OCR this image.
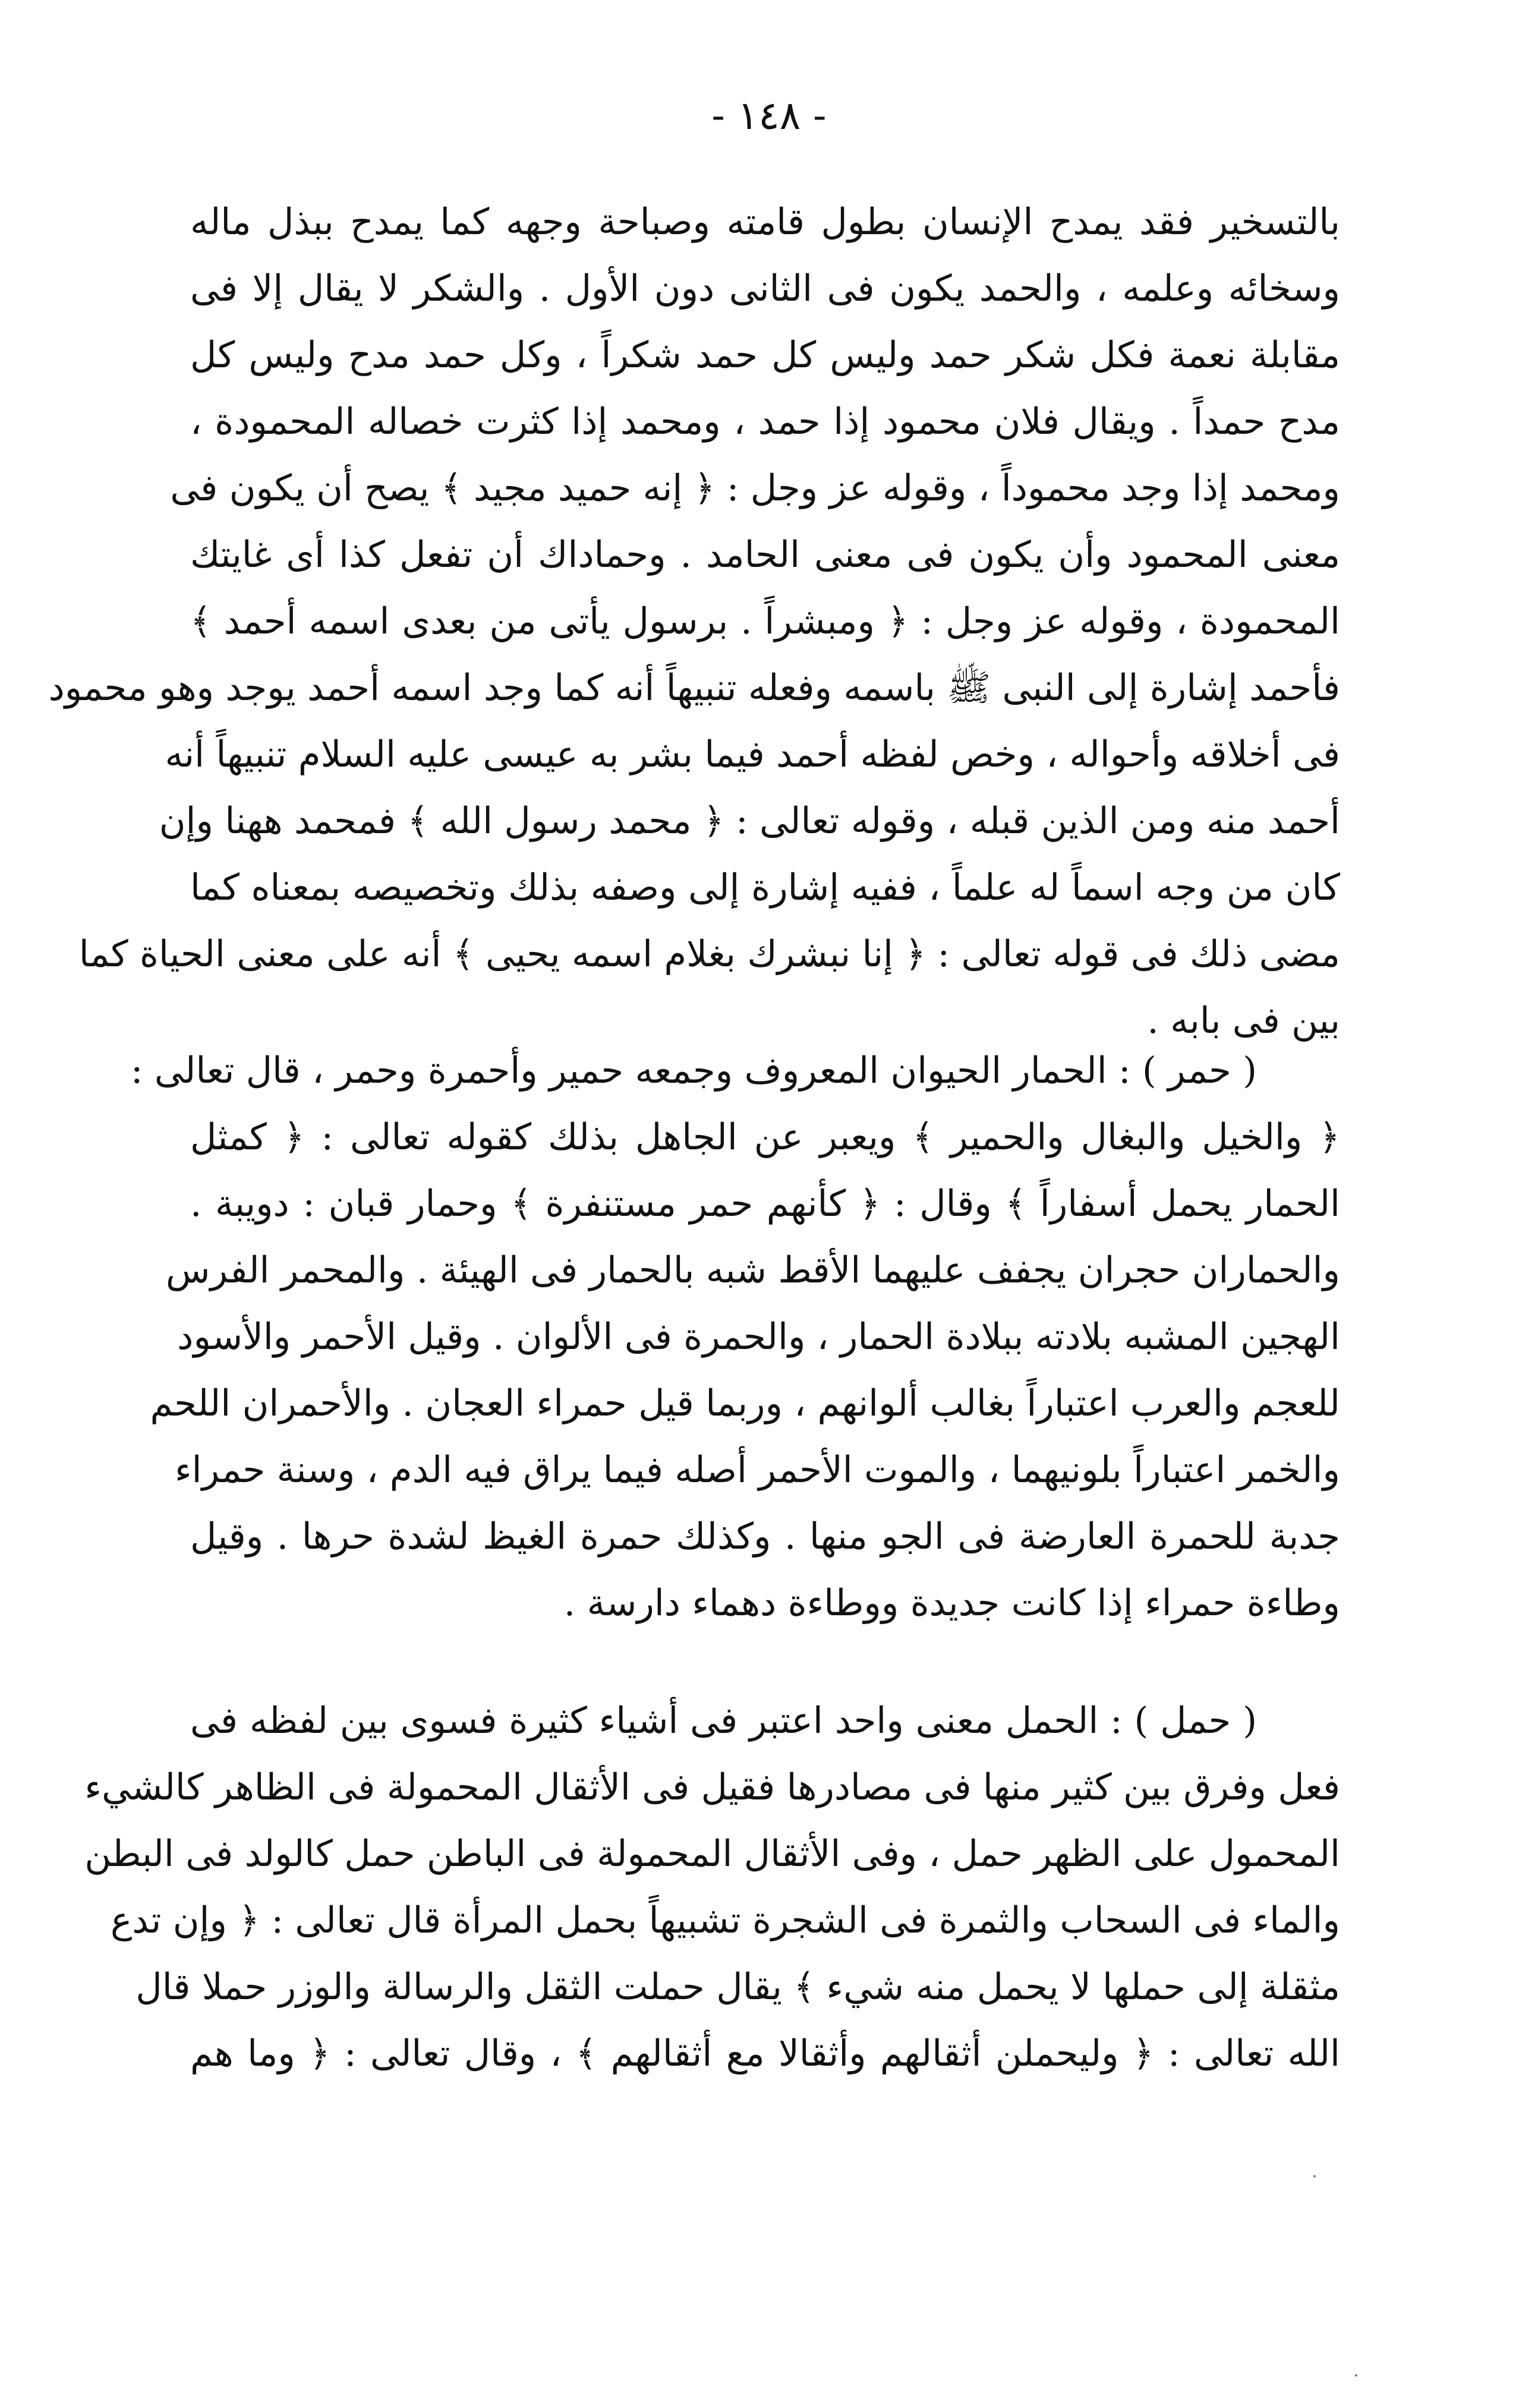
- ١٤٨ -
بالتسخير فقد يمدح الإنسان بطول قامته وصباحة وجهه كما يمدح ببذل ماله
وسخائه وعلمه ، والحمد يكون فى الثانى دون الأول . والشكر لا يقال إلا فى
مقابلة نعمة فكل شكر حمد وليس كل حمد شكراً ، وكل حمد مدح وليس كل
مدح حمداً . ويقال فلان محمود إذا حمد ، ومحمد إذا كثرت خصاله المحمودة ،
ومحمد إذا وجد محموداً ، وقوله عز وجل : ﴿ إنه حميد مجيد ﴾ يصح أن يكون فى
معنى المحمود وأن يكون فى معنى الحامد . وحماداك أن تفعل كذا أى غايتك
المحمودة ، وقوله عز وجل : ﴿ ومبشراً . برسول يأتى من بعدى اسمه أحمد ﴾
فأحمد إشارة إلى النبى ﷺ باسمه وفعله تنبيهاً أنه كما وجد اسمه أحمد يوجد وهو محمود
فى أخلاقه وأحواله ، وخص لفظه أحمد فيما بشر به عيسى عليه السلام تنبيهاً أنه
أحمد منه ومن الذين قبله ، وقوله تعالى : ﴿ محمد رسول الله ﴾ فمحمد ههنا وإن
كان من وجه اسماً له علماً ، ففيه إشارة إلى وصفه بذلك وتخصيصه بمعناه كما
مضى ذلك فى قوله تعالى : ﴿ إنا نبشرك بغلام اسمه يحيى ﴾ أنه على معنى الحياة كما
بين فى بابه .
( حمر ) : الحمار الحيوان المعروف وجمعه حمير وأحمرة وحمر ، قال تعالى :
﴿ والخيل والبغال والحمير ﴾ ويعبر عن الجاهل بذلك كقوله تعالى : ﴿ كمثل
الحمار يحمل أسفاراً ﴾ وقال : ﴿ كأنهم حمر مستنفرة ﴾ وحمار قبان : دويبة .
والحماران حجران يجفف عليهما الأقط شبه بالحمار فى الهيئة . والمحمر الفرس
الهجين المشبه بلادته ببلادة الحمار ، والحمرة فى الألوان . وقيل الأحمر والأسود
للعجم والعرب اعتباراً بغالب ألوانهم ، وربما قيل حمراء العجان . والأحمران اللحم
والخمر اعتباراً بلونيهما ، والموت الأحمر أصله فيما يراق فيه الدم ، وسنة حمراء
جدبة للحمرة العارضة فى الجو منها . وكذلك حمرة الغيظ لشدة حرها . وقيل
وطاءة حمراء إذا كانت جديدة ووطاءة دهماء دارسة .
( حمل ) : الحمل معنى واحد اعتبر فى أشياء كثيرة فسوى بين لفظه فى
فعل وفرق بين كثير منها فى مصادرها فقيل فى الأثقال المحمولة فى الظاهر كالشيء
المحمول على الظهر حمل ، وفى الأثقال المحمولة فى الباطن حمل كالولد فى البطن
والماء فى السحاب والثمرة فى الشجرة تشبيهاً بحمل المرأة قال تعالى : ﴿ وإن تدع
مثقلة إلى حملها لا يحمل منه شيء ﴾ يقال حملت الثقل والرسالة والوزر حملا قال
الله تعالى : ﴿ وليحملن أثقالهم وأثقالا مع أثقالهم ﴾ ، وقال تعالى : ﴿ وما هم
